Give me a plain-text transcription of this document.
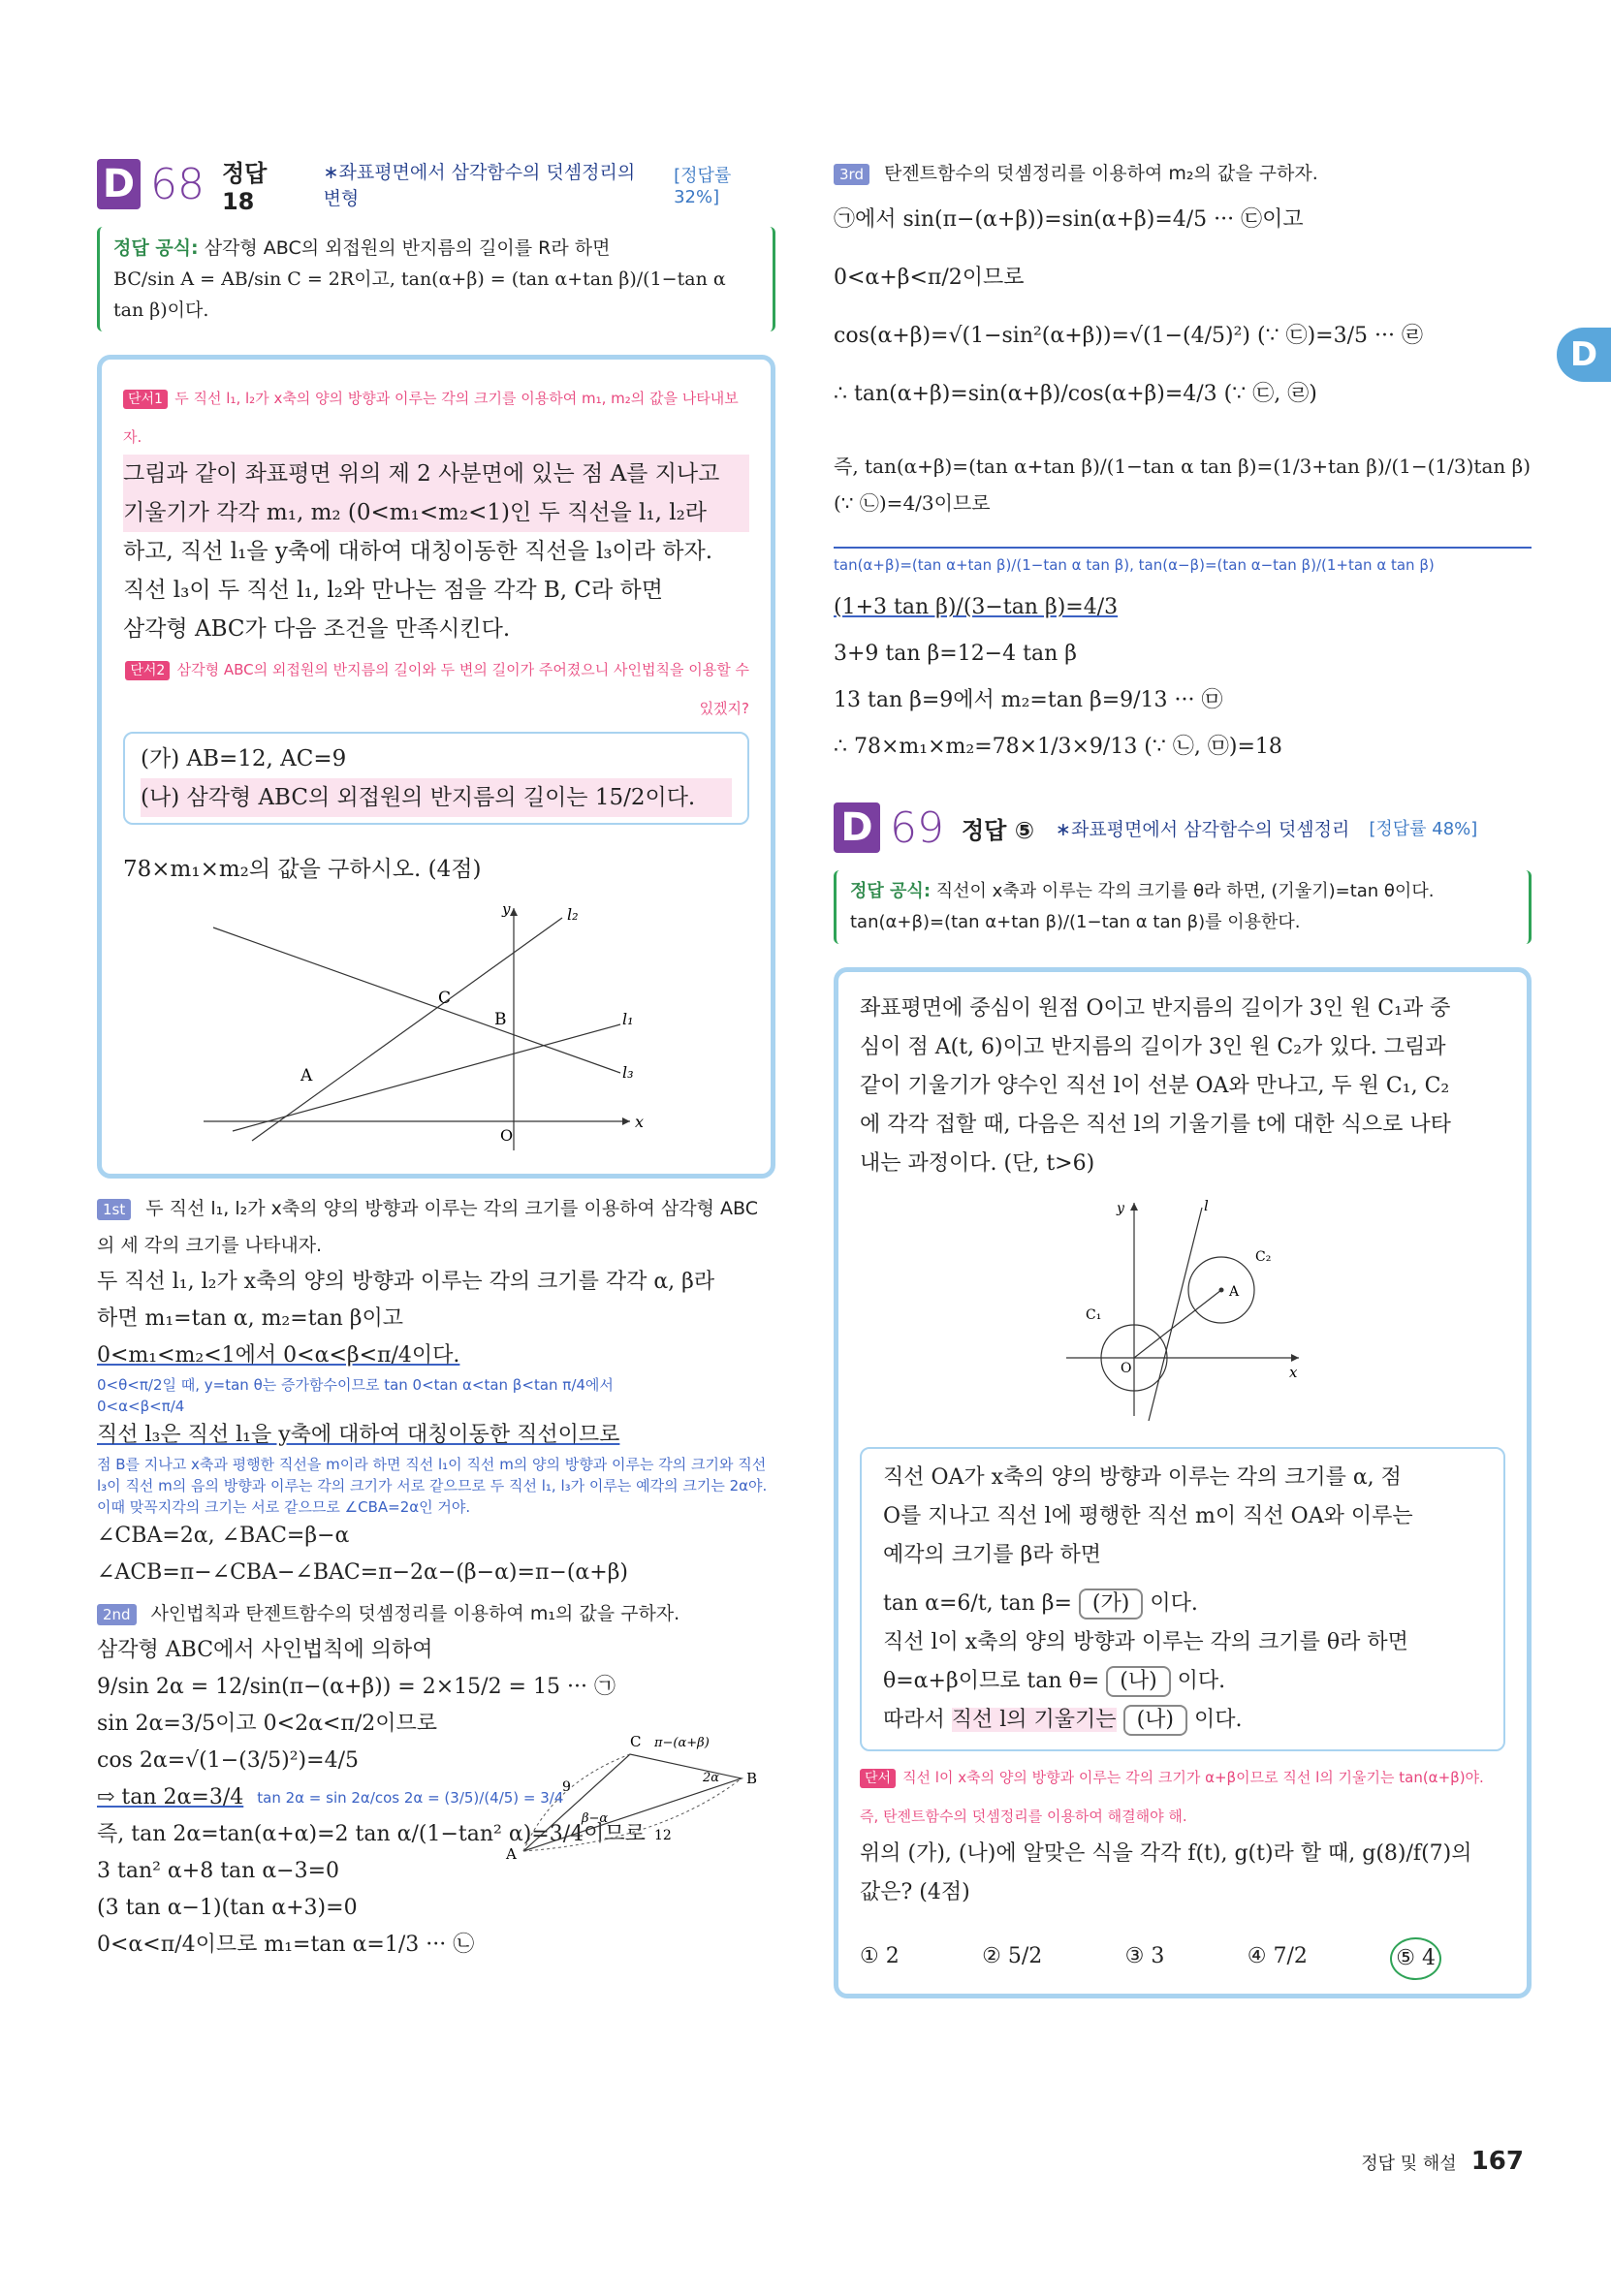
D
D 68 정답 18
∗좌표평면에서 삼각함수의 덧셈정리의 변형
[정답률 32%]
정답 공식: 삼각형 ABC의 외접원의 반지름의 길이를 R라 하면
BC/sin A = AB/sin C = 2R이고, tan(α+β) = (tan α+tan β)/(1−tan α tan β)이다.
단서1 두 직선 l₁, l₂가 x축의 양의 방향과 이루는 각의 크기를 이용하여 m₁, m₂의 값을 나타내보자.
그림과 같이 좌표평면 위의 제 2 사분면에 있는 점 A를 지나고
기울기가 각각 m₁, m₂ (0<m₁<m₂<1)인 두 직선을 l₁, l₂라
하고, 직선 l₁을 y축에 대하여 대칭이동한 직선을 l₃이라 하자.
직선 l₃이 두 직선 l₁, l₂와 만나는 점을 각각 B, C라 하면
삼각형 ABC가 다음 조건을 만족시킨다.
단서2 삼각형 ABC의 외접원의 반지름의 길이와 두 변의 길이가 주어졌으니 사인법칙을 이용할 수 있겠지?
(가) AB=12, AC=9
(나) 삼각형 ABC의 외접원의 반지름의 길이는 15/2이다.
78×m₁×m₂의 값을 구하시오. (4점)
y
x
O
l₂
l₁
l₃
A
B
C
1st 두 직선 l₁, l₂가 x축의 양의 방향과 이루는 각의 크기를 이용하여 삼각형 ABC의 세 각의 크기를 나타내자.
두 직선 l₁, l₂가 x축의 양의 방향과 이루는 각의 크기를 각각 α, β라
하면 m₁=tan α, m₂=tan β이고
0<m₁<m₂<1에서 0<α<β<π/4이다.
0<θ<π/2일 때, y=tan θ는 증가함수이므로 tan 0<tan α<tan β<tan π/4에서
0<α<β<π/4
직선 l₃은 직선 l₁을 y축에 대하여 대칭이동한 직선이므로
점 B를 지나고 x축과 평행한 직선을 m이라 하면 직선 l₁이 직선 m의 양의 방향과 이루는 각의 크기와 직선 l₃이 직선 m의 음의 방향과 이루는 각의 크기가 서로 같으므로 두 직선 l₁, l₃가 이루는 예각의 크기는 2α야. 이때 맞꼭지각의 크기는 서로 같으므로 ∠CBA=2α인 거야.
∠CBA=2α, ∠BAC=β−α
∠ACB=π−∠CBA−∠BAC=π−2α−(β−α)=π−(α+β)
2nd 사인법칙과 탄젠트함수의 덧셈정리를 이용하여 m₁의 값을 구하자.
삼각형 ABC에서 사인법칙에 의하여
9/sin 2α = 12/sin(π−(α+β)) = 2×15/2 = 15 ··· ㉠
sin 2α=3/5이고 0<2α<π/2이므로
cos 2α=√(1−(3/5)²)=4/5
⇨ tan 2α=3/4 tan 2α = sin 2α/cos 2α = (3/5)/(4/5) = 3/4
즉, tan 2α=tan(α+α)=2 tan α/(1−tan² α)=3/4이므로
3 tan² α+8 tan α−3=0
(3 tan α−1)(tan α+3)=0
0<α<π/4이므로 m₁=tan α=1/3 ··· ㉡
C
B
A
π−(α+β)
2α
β−α
9
12
3rd 탄젠트함수의 덧셈정리를 이용하여 m₂의 값을 구하자.
㉠에서 sin(π−(α+β))=sin(α+β)=4/5 ··· ㉢이고
0<α+β<π/2이므로
cos(α+β)=√(1−sin²(α+β))=√(1−(4/5)²) (∵ ㉢)=3/5 ··· ㉣
∴ tan(α+β)=sin(α+β)/cos(α+β)=4/3 (∵ ㉢, ㉣)
즉, tan(α+β)=(tan α+tan β)/(1−tan α tan β)=(1/3+tan β)/(1−(1/3)tan β) (∵ ㉡)=4/3이므로
tan(α+β)=(tan α+tan β)/(1−tan α tan β), tan(α−β)=(tan α−tan β)/(1+tan α tan β)
(1+3 tan β)/(3−tan β)=4/3
3+9 tan β=12−4 tan β
13 tan β=9에서 m₂=tan β=9/13 ··· ㉤
∴ 78×m₁×m₂=78×1/3×9/13 (∵ ㉡, ㉤)=18
D 69 정답 ⑤ ∗좌표평면에서 삼각함수의 덧셈정리 [정답률 48%]
정답 공식: 직선이 x축과 이루는 각의 크기를 θ라 하면, (기울기)=tan θ이다.
tan(α+β)=(tan α+tan β)/(1−tan α tan β)를 이용한다.
좌표평면에 중심이 원점 O이고 반지름의 길이가 3인 원 C₁과 중
심이 점 A(t, 6)이고 반지름의 길이가 3인 원 C₂가 있다. 그림과
같이 기울기가 양수인 직선 l이 선분 OA와 만나고, 두 원 C₁, C₂
에 각각 접할 때, 다음은 직선 l의 기울기를 t에 대한 식으로 나타
내는 과정이다. (단, t>6)
y
x
O
A
l
C₁
C₂
직선 OA가 x축의 양의 방향과 이루는 각의 크기를 α, 점
O를 지나고 직선 l에 평행한 직선 m이 직선 OA와 이루는
예각의 크기를 β라 하면
tan α=6/t, tan β= (가) 이다.
직선 l이 x축의 양의 방향과 이루는 각의 크기를 θ라 하면
θ=α+β이므로 tan θ= (나) 이다.
따라서 직선 l의 기울기는 (나) 이다.
단서 직선 l이 x축의 양의 방향과 이루는 각의 크기가 α+β이므로 직선 l의 기울기는 tan(α+β)야. 즉, 탄젠트함수의 덧셈정리를 이용하여 해결해야 해.
위의 (가), (나)에 알맞은 식을 각각 f(t), g(t)라 할 때, g(8)/f(7)의
값은? (4점)
① 2	② 5/2	③ 3	④ 7/2	⑤ 4
정답 및 해설 167
